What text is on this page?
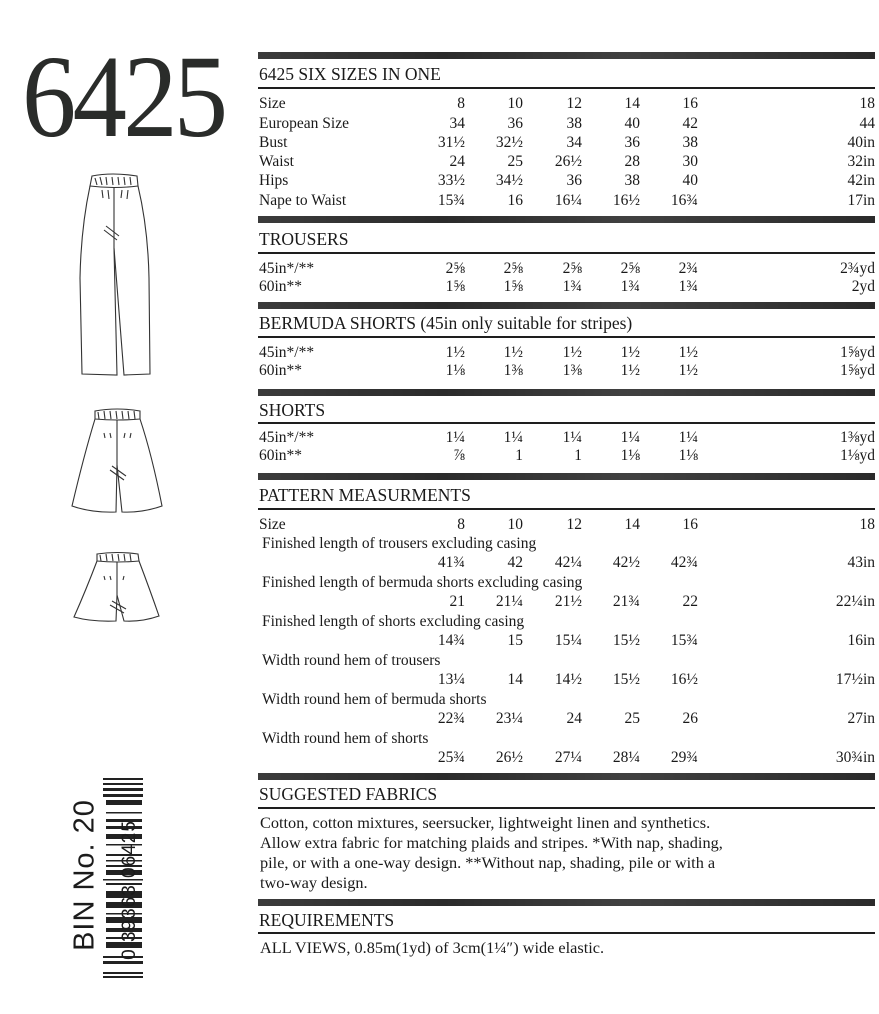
6425
BIN No. 20 0 39363 06425
6425 SIX SIZES IN ONE
Size	8	10	12	14	16	18
European Size	34	36	38	40	42	44
Bust	31½ 32½	34	36	38	40in
Waist	24	25 26½	28	30	32in
Hips	33½ 34½	36	38	40	42in
Nape to Waist	15¾	16 16¼ 16½ 16¾	17in
TROUSERS
45in*/**	2⅝ 2⅝	2⅝ 2⅝ 2¾	2¾yd
60in**	1⅝ 1⅝	1¾ 1¾ 1¾	2yd
BERMUDA SHORTS (45in only suitable for stripes)
45in*/**	1½ 1½	1½ 1½ 1½	1⅝yd
60in**	1⅛ 1⅜	1⅜ 1½ 1½	1⅝yd
SHORTS
45in*/**	1¼ 1¼	1¼ 1¼ 1¼	1⅜yd
60in**	⅞	1	1 1⅛ 1⅛	1⅛yd
PATTERN MEASURMENTS
Size	8	10	12	14	16	18
Finished length of trousers excluding casing
41¾	42 42¼ 42½ 42¾	43in
Finished length of bermuda shorts excluding casing
21 21¼ 21½ 21¾	22	22¼in
Finished length of shorts excluding casing
14¾	15 15¼ 15½ 15¾	16in
Width round hem of trousers
13¼	14 14½ 15½ 16½	17½in
Width round hem of bermuda shorts
22¾ 23¼	24	25	26	27in
Width round hem of shorts
25¾ 26½ 27¼ 28¼ 29¾	30¾in
SUGGESTED FABRICS
Cotton, cotton mixtures, seersucker, lightweight linen and synthetics.
Allow extra fabric for matching plaids and stripes. *With nap, shading,
pile, or with a one-way design. **Without nap, shading, pile or with a
two-way design.
REQUIREMENTS
ALL VIEWS, 0.85m(1yd) of 3cm(1¼″) wide elastic.
